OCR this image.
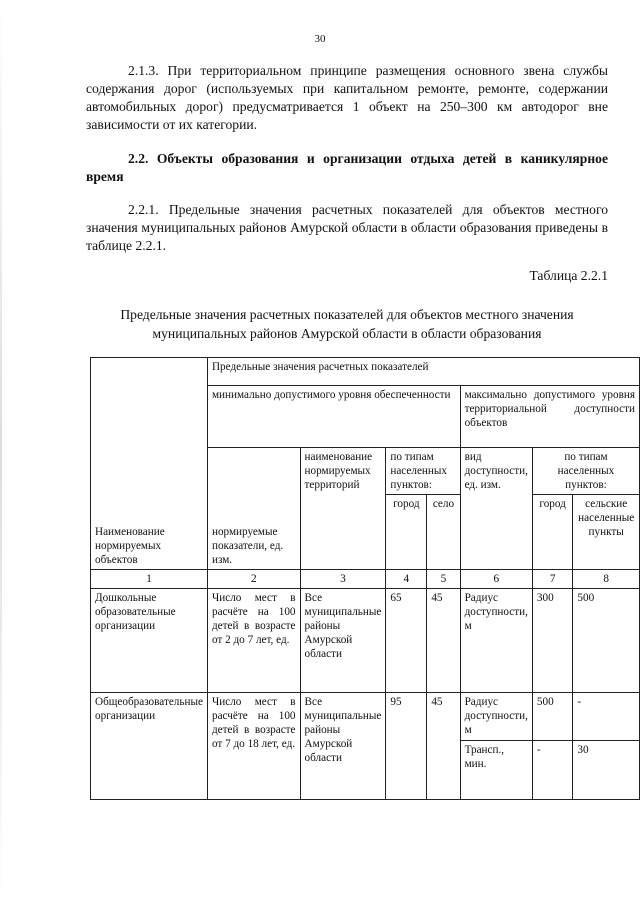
30
2.1.3. При территориальном принципе размещения основного звена службы содержания дорог (используемых при капитальном ремонте, ремонте, содержании автомобильных дорог) предусматривается 1 объект на 250–300 км автодорог вне зависимости от их категории.
2.2. Объекты образования и организации отдыха детей в каникулярное время
2.2.1. Предельные значения расчетных показателей для объектов местного значения муниципальных районов Амурской области в области образования приведены в таблице 2.2.1.
Таблица 2.2.1
Предельные значения расчетных показателей для объектов местного значения муниципальных районов Амурской области в области образования
Наименование нормируемых объектов	Предельные значения расчетных показателей						
	минимально допустимого уровня обеспеченности				максимально допустимого уровня территориальной доступности объектов		
	нормируемые показатели, ед. изм.	наименование нормируемых территорий	по типам населенных пунктов:		вид доступности, ед. изм.	по типам населенных пунктов:	
			город	село		город	сельские населенные пункты
1	2	3	4	5	6	7	8
Дошкольные образовательные организации	Число мест в расчёте на 100 детей в возрасте от 2 до 7 лет, ед.	Все муниципальные районы Амурской области	65	45	Радиус доступности, м	300	500
Общеобразовательные организации	Число мест в расчёте на 100 детей в возрасте от 7 до 18 лет, ед.	Все муниципальные районы Амурской области	95	45	Радиус доступности, м	500	-
					Трансп., мин.	-	30
